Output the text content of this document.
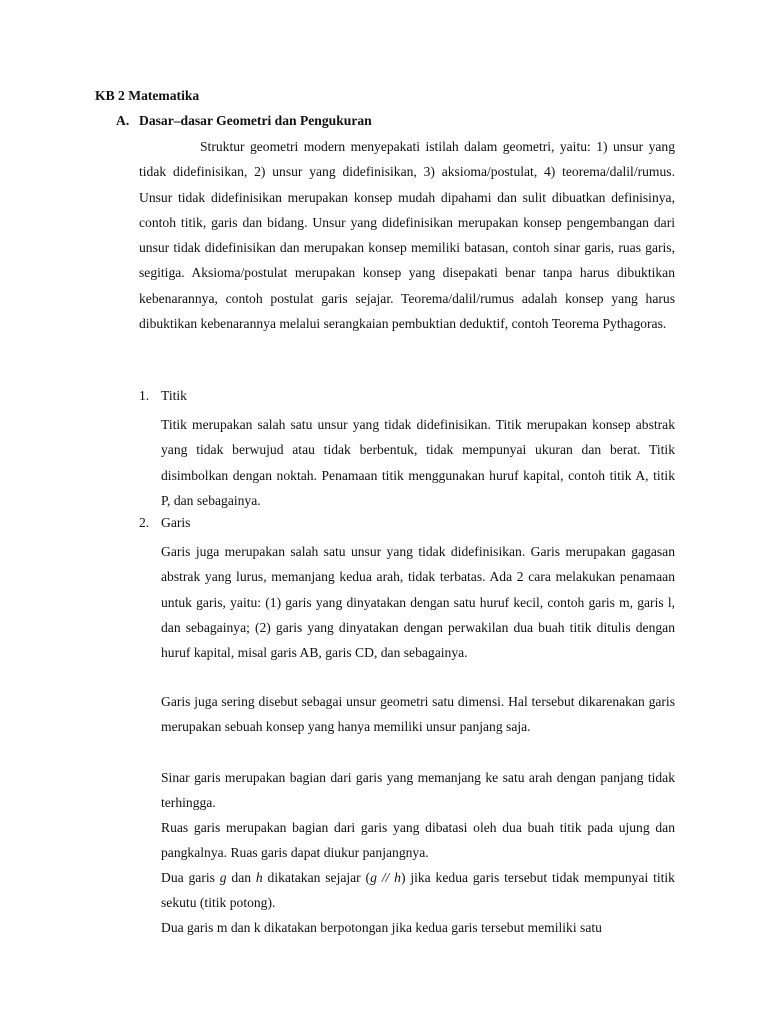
KB 2 Matematika
A. Dasar–dasar Geometri dan Pengukuran

Struktur geometri modern menyepakati istilah dalam geometri, yaitu: 1) unsur yang tidak didefinisikan, 2) unsur yang didefinisikan, 3) aksioma/postulat, 4) teorema/dalil/rumus. Unsur tidak didefinisikan merupakan konsep mudah dipahami dan sulit dibuatkan definisinya, contoh titik, garis dan bidang. Unsur yang didefinisikan merupakan konsep pengembangan dari unsur tidak didefinisikan dan merupakan konsep memiliki batasan, contoh sinar garis, ruas garis, segitiga. Aksioma/postulat merupakan konsep yang disepakati benar tanpa harus dibuktikan kebenarannya, contoh postulat garis sejajar. Teorema/dalil/rumus adalah konsep yang harus dibuktikan kebenarannya melalui serangkaian pembuktian deduktif, contoh Teorema Pythagoras.

1. Titik

Titik merupakan salah satu unsur yang tidak didefinisikan. Titik merupakan konsep abstrak yang tidak berwujud atau tidak berbentuk, tidak mempunyai ukuran dan berat. Titik disimbolkan dengan noktah. Penamaan titik menggunakan huruf kapital, contoh titik A, titik P, dan sebagainya.

2. Garis

Garis juga merupakan salah satu unsur yang tidak didefinisikan. Garis merupakan gagasan abstrak yang lurus, memanjang kedua arah, tidak terbatas. Ada 2 cara melakukan penamaan untuk garis, yaitu: (1) garis yang dinyatakan dengan satu huruf kecil, contoh garis m, garis l, dan sebagainya; (2) garis yang dinyatakan dengan perwakilan dua buah titik ditulis dengan huruf kapital, misal garis AB, garis CD, dan sebagainya.

Garis juga sering disebut sebagai unsur geometri satu dimensi. Hal tersebut dikarenakan garis merupakan sebuah konsep yang hanya memiliki unsur panjang saja.

Sinar garis merupakan bagian dari garis yang memanjang ke satu arah dengan panjang tidak terhingga.

Ruas garis merupakan bagian dari garis yang dibatasi oleh dua buah titik pada ujung dan pangkalnya. Ruas garis dapat diukur panjangnya.

Dua garis g dan h dikatakan sejajar (g // h) jika kedua garis tersebut tidak mempunyai titik sekutu (titik potong).

Dua garis m dan k dikatakan berpotongan jika kedua garis tersebut memiliki satu
